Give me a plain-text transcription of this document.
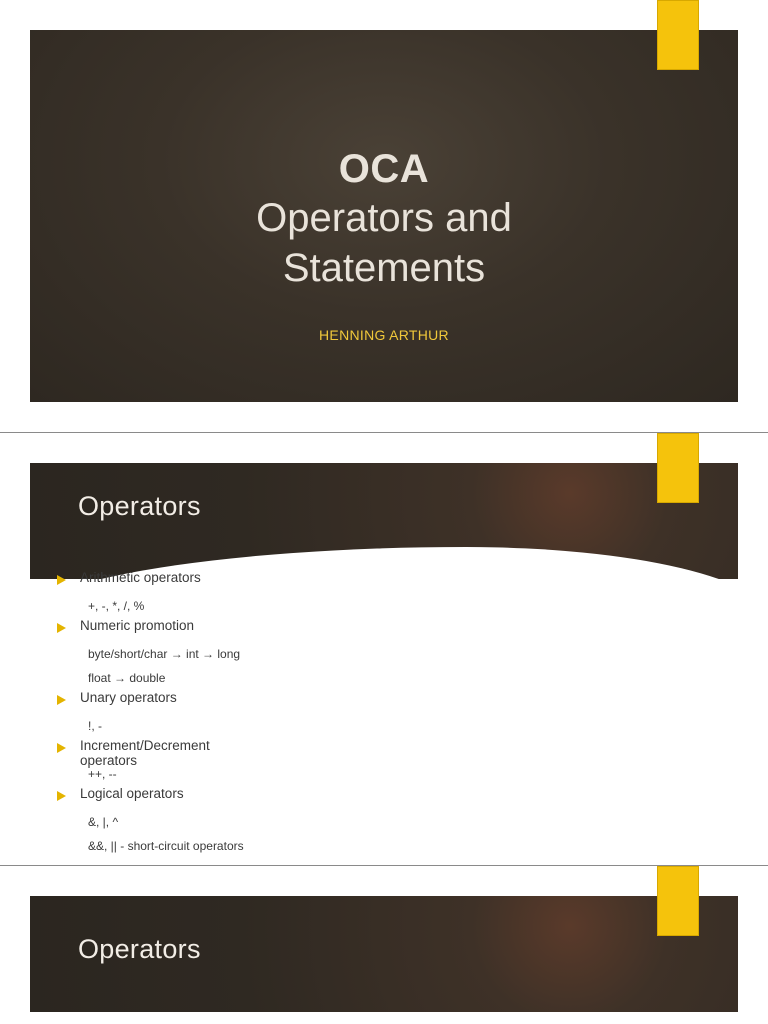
OCA
Operators and
Statements
HENNING ARTHUR
Operators
Arithmetic operators
+, -, *, /, %
Numeric promotion
byte/short/char → int → long
float → double
Unary operators
!, -
Increment/Decrement operators
++, --
Logical operators
&, |, ^
&&, || - short-circuit operators
Operators
